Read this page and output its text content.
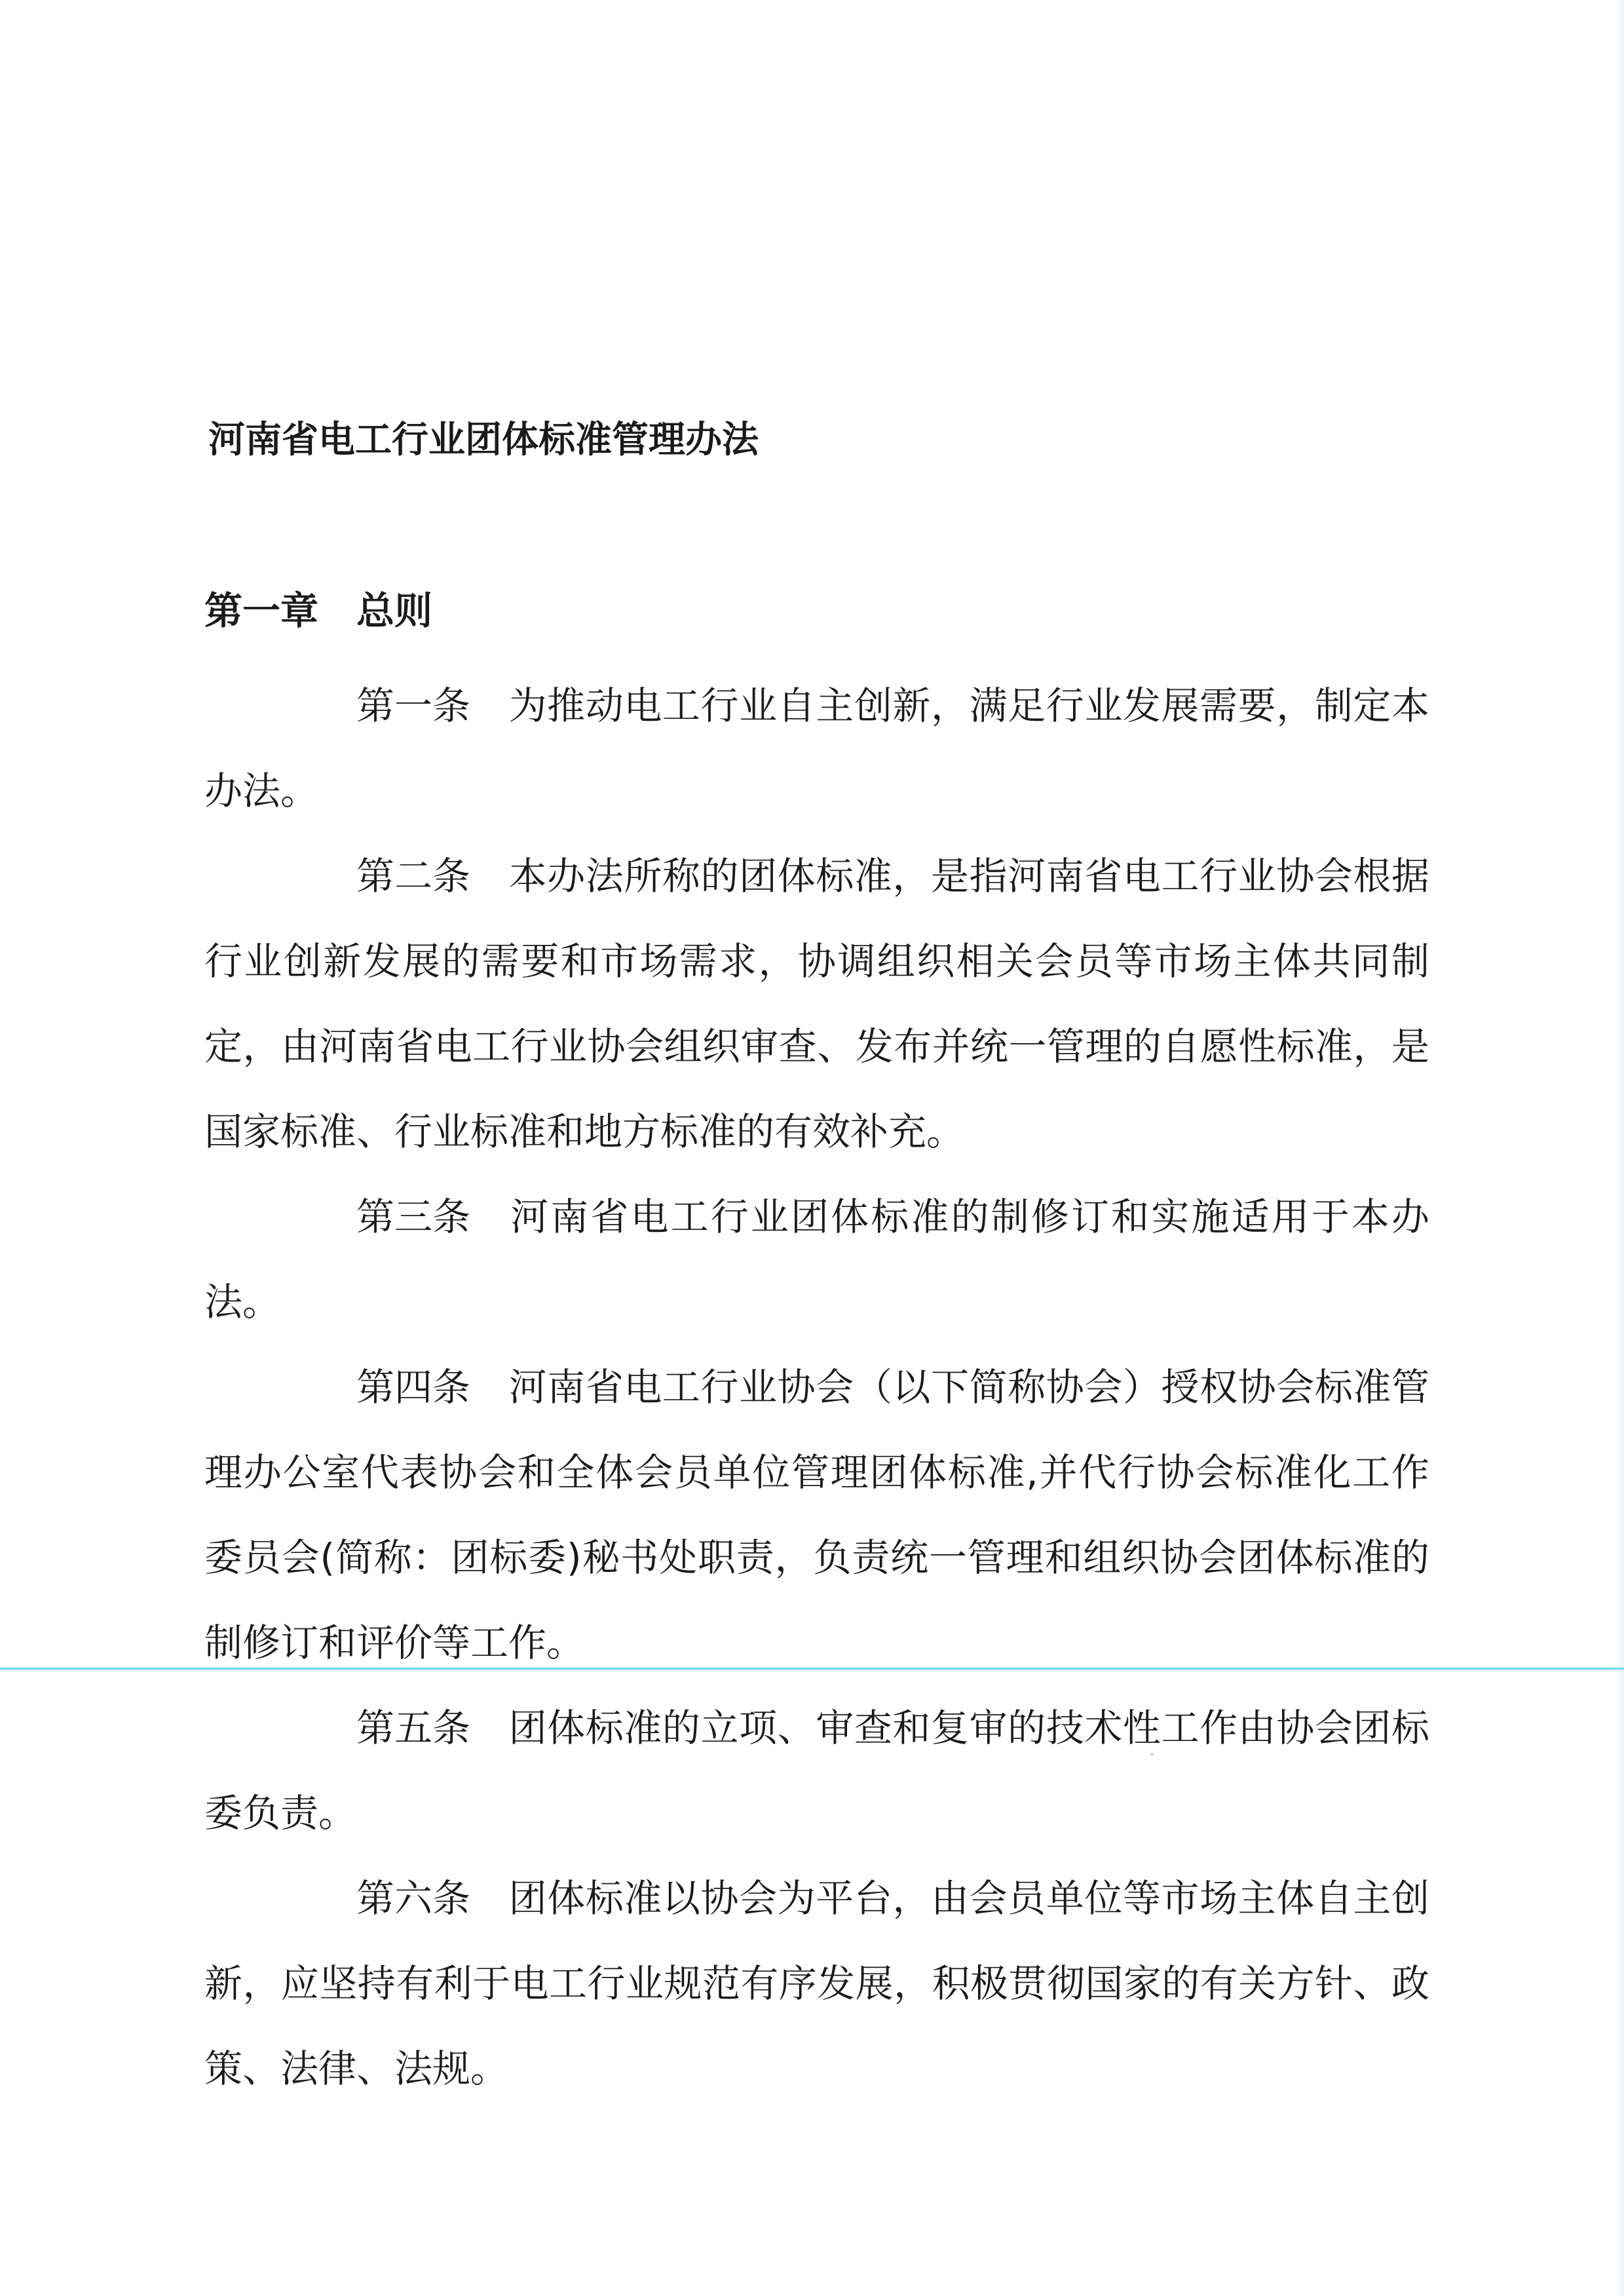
河南省电工行业团体标准管理办法
第一章 总则

第一条 为推动电工行业自主创新，满足行业发展需要，制定本办法。

第二条 本办法所称的团体标准，是指河南省电工行业协会根据行业创新发展的需要和市场需求，协调组织相关会员等市场主体共同制定，由河南省电工行业协会组织审查、发布并统一管理的自愿性标准，是国家标准、行业标准和地方标准的有效补充。

第三条 河南省电工行业团体标准的制修订和实施适用于本办法。

第四条 河南省电工行业协会（以下简称协会）授权协会标准管理办公室代表协会和全体会员单位管理团体标准,并代行协会标准化工作委员会(简称：团标委)秘书处职责，负责统一管理和组织协会团体标准的制修订和评价等工作。

第五条 团体标准的立项、审查和复审的技术性工作由协会团标委负责。

第六条 团体标准以协会为平台，由会员单位等市场主体自主创新，应坚持有利于电工行业规范有序发展，积极贯彻国家的有关方针、政策、法律、法规。
